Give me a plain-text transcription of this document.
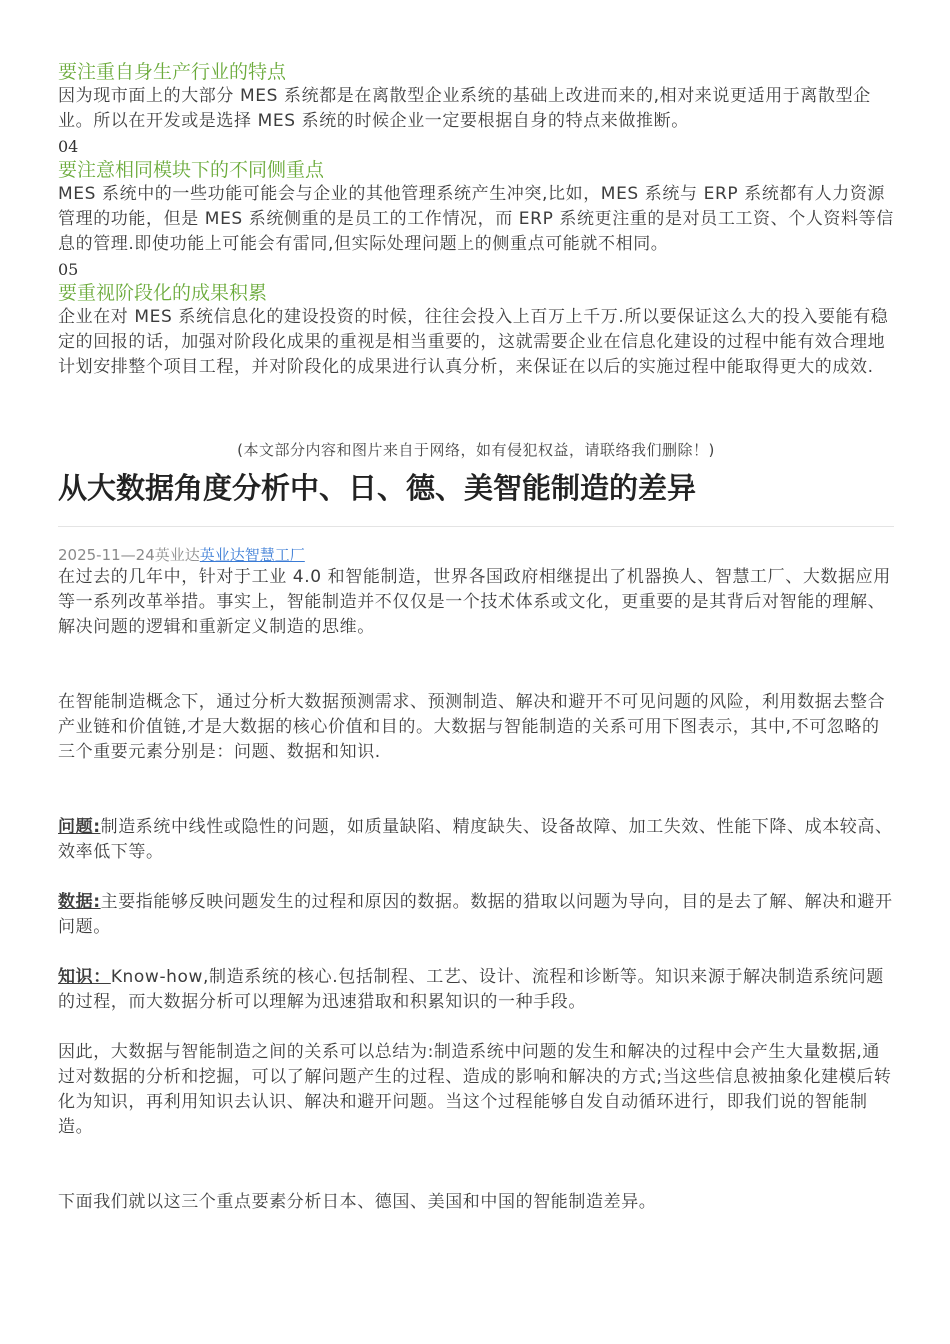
要注重自身生产行业的特点

因为现市面上的大部分 MES 系统都是在离散型企业系统的基础上改进而来的,相对来说更适用于离散型企业。所以在开发或是选择 MES 系统的时候企业一定要根据自身的特点来做推断。

04

要注意相同模块下的不同侧重点

MES 系统中的一些功能可能会与企业的其他管理系统产生冲突,比如，MES 系统与 ERP 系统都有人力资源管理的功能，但是 MES 系统侧重的是员工的工作情况，而 ERP 系统更注重的是对员工工资、个人资料等信息的管理.即使功能上可能会有雷同,但实际处理问题上的侧重点可能就不相同。

05

要重视阶段化的成果积累

企业在对 MES 系统信息化的建设投资的时候，往往会投入上百万上千万.所以要保证这么大的投入要能有稳定的回报的话，加强对阶段化成果的重视是相当重要的，这就需要企业在信息化建设的过程中能有效合理地计划安排整个项目工程，并对阶段化的成果进行认真分析，来保证在以后的实施过程中能取得更大的成效.

(本文部分内容和图片来自于网络，如有侵犯权益，请联络我们删除！)

从大数据角度分析中、日、德、美智能制造的差异

2025-11—24英业达英业达智慧工厂

在过去的几年中，针对于工业 4.0 和智能制造，世界各国政府相继提出了机器换人、智慧工厂、大数据应用等一系列改革举措。事实上，智能制造并不仅仅是一个技术体系或文化，更重要的是其背后对智能的理解、解决问题的逻辑和重新定义制造的思维。

在智能制造概念下，通过分析大数据预测需求、预测制造、解决和避开不可见问题的风险，利用数据去整合产业链和价值链,才是大数据的核心价值和目的。大数据与智能制造的关系可用下图表示，其中,不可忽略的三个重要元素分别是：问题、数据和知识.

问题:制造系统中线性或隐性的问题，如质量缺陷、精度缺失、设备故障、加工失效、性能下降、成本较高、效率低下等。

数据:主要指能够反映问题发生的过程和原因的数据。数据的猎取以问题为导向，目的是去了解、解决和避开问题。

知识：Know-how,制造系统的核心.包括制程、工艺、设计、流程和诊断等。知识来源于解决制造系统问题的过程，而大数据分析可以理解为迅速猎取和积累知识的一种手段。

因此，大数据与智能制造之间的关系可以总结为:制造系统中问题的发生和解决的过程中会产生大量数据,通过对数据的分析和挖掘，可以了解问题产生的过程、造成的影响和解决的方式;当这些信息被抽象化建模后转化为知识，再利用知识去认识、解决和避开问题。当这个过程能够自发自动循环进行，即我们说的智能制造。

下面我们就以这三个重点要素分析日本、德国、美国和中国的智能制造差异。
